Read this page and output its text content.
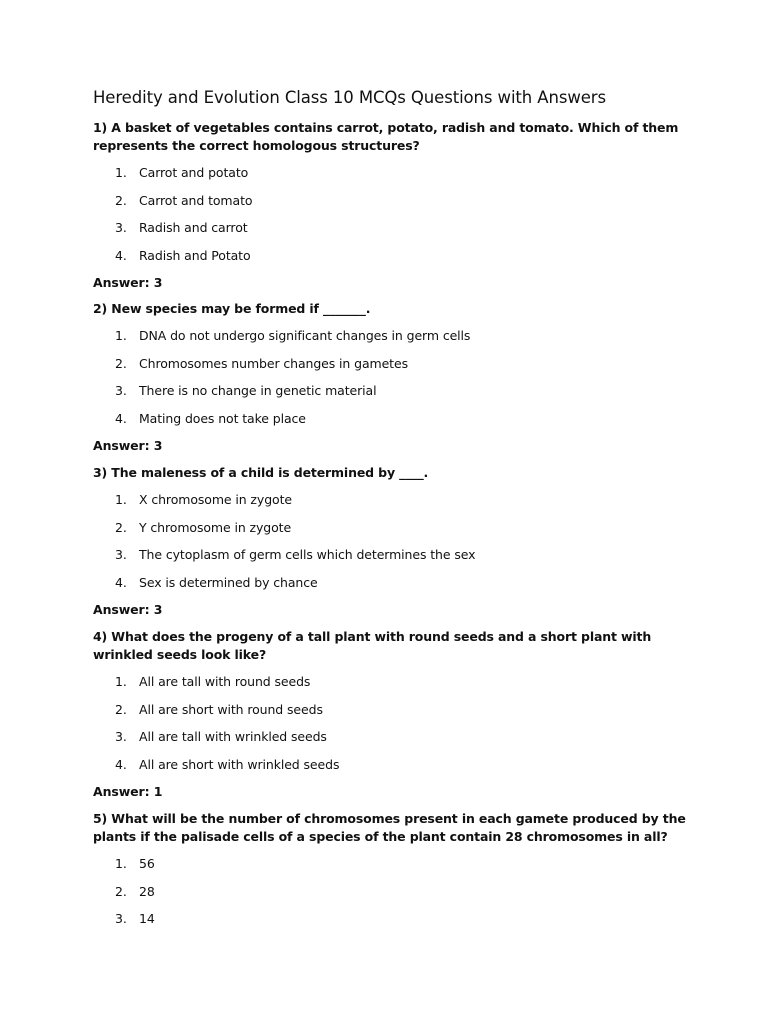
Heredity and Evolution Class 10 MCQs Questions with Answers

1) A basket of vegetables contains carrot, potato, radish and tomato. Which of them represents the correct homologous structures?

1. Carrot and potato
2. Carrot and tomato
3. Radish and carrot
4. Radish and Potato
Answer: 3

2) New species may be formed if _______.

1. DNA do not undergo significant changes in germ cells
2. Chromosomes number changes in gametes
3. There is no change in genetic material
4. Mating does not take place
Answer: 3

3) The maleness of a child is determined by ____.

1. X chromosome in zygote
2. Y chromosome in zygote
3. The cytoplasm of germ cells which determines the sex
4. Sex is determined by chance
Answer: 3

4) What does the progeny of a tall plant with round seeds and a short plant with wrinkled seeds look like?

1. All are tall with round seeds
2. All are short with round seeds
3. All are tall with wrinkled seeds
4. All are short with wrinkled seeds
Answer: 1

5) What will be the number of chromosomes present in each gamete produced by the plants if the palisade cells of a species of the plant contain 28 chromosomes in all?

1. 56
2. 28
3. 14
